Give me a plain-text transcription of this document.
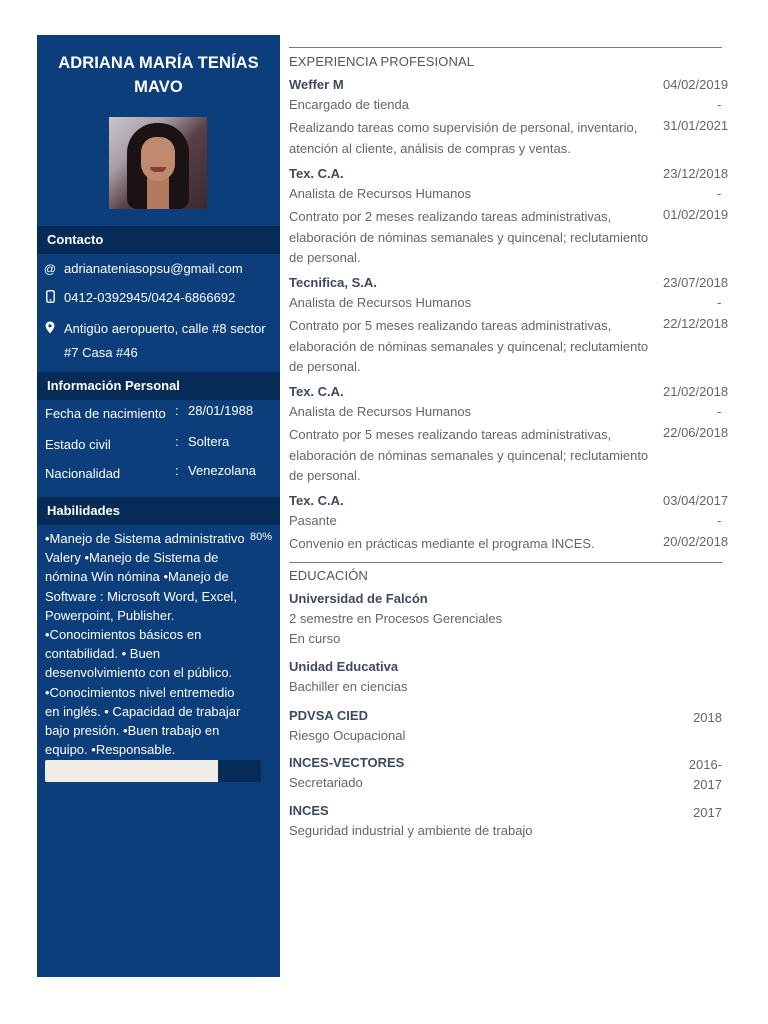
ADRIANA MARÍA TENÍAS
MAVO
Contacto
@ adrianateniasopsu@gmail.com
0412-0392945/0424-6866692
Antigüo aeropuerto, calle #8 sector
#7 Casa #46
Información Personal
Fecha de nacimiento : 28/01/1988
Estado civil	: Soltera
Nacionalidad	: Venezolana
Habilidades
•Manejo de Sistema administrativo Valery •Manejo de Sistema de nómina Win nómina •Manejo de Software : Microsoft Word, Excel, Powerpoint, Publisher. •Conocimientos básicos en contabilidad. • Buen desenvolvimiento con el público. •Conocimientos nivel entremedio en inglés. • Capacidad de trabajar bajo presión. •Buen trabajo en equipo. •Responsable.
80%
EXPERIENCIA PROFESIONAL
Weffer M
Encargado de tienda
Realizando tareas como supervisión de personal, inventario, atención al cliente, análisis de compras y ventas.
04/02/2019
-
31/01/2021
Tex. C.A.
Analista de Recursos Humanos
Contrato por 2 meses realizando tareas administrativas, elaboración de nóminas semanales y quincenal; reclutamiento de personal.
23/12/2018
-
01/02/2019
Tecnifica, S.A.
Analista de Recursos Humanos
Contrato por 5 meses realizando tareas administrativas, elaboración de nóminas semanales y quincenal; reclutamiento de personal.
23/07/2018
-
22/12/2018
Tex. C.A.
Analista de Recursos Humanos
Contrato por 5 meses realizando tareas administrativas, elaboración de nóminas semanales y quincenal; reclutamiento de personal.
21/02/2018
-
22/06/2018
Tex. C.A.
Pasante
Convenio en prácticas mediante el programa INCES.
03/04/2017
-
20/02/2018
EDUCACIÓN
Universidad de Falcón
2 semestre en Procesos Gerenciales
En curso
Unidad Educativa
Bachiller en ciencias
PDVSA CIED
Riesgo Ocupacional
2018
INCES-VECTORES
Secretariado
2016-
2017
INCES
Seguridad industrial y ambiente de trabajo
2017
